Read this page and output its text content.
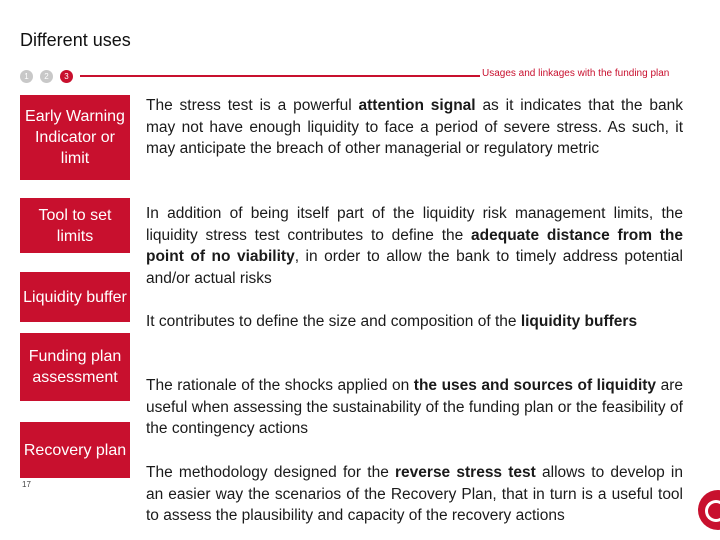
Different uses
1	2	3	Usages and linkages with the funding plan
Early Warning Indicator or limit
Tool to set limits
Liquidity buffer
Funding plan assessment
Recovery plan
The stress test is a powerful attention signal as it indicates that the bank may not have enough liquidity to face a period of severe stress. As such, it may anticipate the breach of other managerial or regulatory metric
In addition of being itself part of the liquidity risk management limits, the liquidity stress test contributes to define the adequate distance from the point of no viability, in order to allow the bank to timely address potential and/or actual risks
It contributes to define the size and composition of the liquidity buffers
The rationale of the shocks applied on the uses and sources of liquidity are useful when assessing the sustainability of the funding plan or the feasibility of the contingency actions
The methodology designed for the reverse stress test allows to develop in an easier way the scenarios of the Recovery Plan, that in turn is a useful tool to assess the plausibility and capacity of the recovery actions
17
